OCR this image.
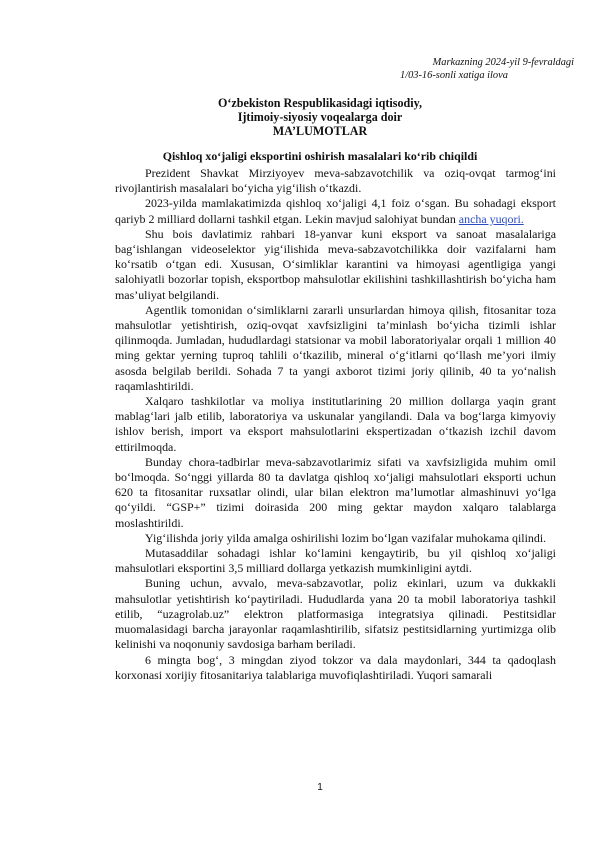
Markazning 2024-yil 9-fevraldagi
1/03-16-sonli xatiga ilova
O‘zbekiston Respublikasidagi iqtisodiy,
Ijtimoiy-siyosiy voqealarga doir
MA’LUMOTLAR
Qishloq xo‘jaligi eksportini oshirish masalalari ko‘rib chiqildi

Prezident Shavkat Mirziyoyev meva-sabzavotchilik va oziq-ovqat tarmog‘ini rivojlantirish masalalari bo‘yicha yig‘ilish o‘tkazdi.

2023-yilda mamlakatimizda qishloq xo‘jaligi 4,1 foiz o‘sgan. Bu sohadagi eksport qariyb 2 milliard dollarni tashkil etgan. Lekin mavjud salohiyat bundan ancha yuqori.

Shu bois davlatimiz rahbari 18-yanvar kuni eksport va sanoat masalalariga bag‘ishlangan videoselektor yig‘ilishida meva-sabzavotchilikka doir vazifalarni ham ko‘rsatib o‘tgan edi. Xususan, O‘simliklar karantini va himoyasi agentligiga yangi salohiyatli bozorlar topish, eksportbop mahsulotlar ekilishini tashkillashtirish bo‘yicha ham mas’uliyat belgilandi.

Agentlik tomonidan o‘simliklarni zararli unsurlardan himoya qilish, fitosanitar toza mahsulotlar yetishtirish, oziq-ovqat xavfsizligini ta’minlash bo‘yicha tizimli ishlar qilinmoqda. Jumladan, hududlardagi statsionar va mobil laboratoriyalar orqali 1 million 40 ming gektar yerning tuproq tahlili o‘tkazilib, mineral o‘g‘itlarni qo‘llash me’yori ilmiy asosda belgilab berildi. Sohada 7 ta yangi axborot tizimi joriy qilinib, 40 ta yo‘nalish raqamlashtirildi.

Xalqaro tashkilotlar va moliya institutlarining 20 million dollarga yaqin grant mablag‘lari jalb etilib, laboratoriya va uskunalar yangilandi. Dala va bog‘larga kimyoviy ishlov berish, import va eksport mahsulotlarini ekspertizadan o‘tkazish izchil davom ettirilmoqda.

Bunday chora-tadbirlar meva-sabzavotlarimiz sifati va xavfsizligida muhim omil bo‘lmoqda. So‘nggi yillarda 80 ta davlatga qishloq xo‘jaligi mahsulotlari eksporti uchun 620 ta fitosanitar ruxsatlar olindi, ular bilan elektron ma’lumotlar almashinuvi yo‘lga qo‘yildi. “GSP+” tizimi doirasida 200 ming gektar maydon xalqaro talablarga moslashtirildi.

Yig‘ilishda joriy yilda amalga oshirilishi lozim bo‘lgan vazifalar muhokama qilindi.

Mutasaddilar sohadagi ishlar ko‘lamini kengaytirib, bu yil qishloq xo‘jaligi mahsulotlari eksportini 3,5 milliard dollarga yetkazish mumkinligini aytdi.

Buning uchun, avvalo, meva-sabzavotlar, poliz ekinlari, uzum va dukkakli mahsulotlar yetishtirish ko‘paytiriladi. Hududlarda yana 20 ta mobil laboratoriya tashkil etilib, “uzagrolab.uz” elektron platformasiga integratsiya qilinadi. Pestitsidlar muomalasidagi barcha jarayonlar raqamlashtirilib, sifatsiz pestitsidlarning yurtimizga olib kelinishi va noqonuniy savdosiga barham beriladi.

6 mingta bog‘, 3 mingdan ziyod tokzor va dala maydonlari, 344 ta qadoqlash korxonasi xorijiy fitosanitariya talablariga muvofiqlashtiriladi. Yuqori samarali

1
